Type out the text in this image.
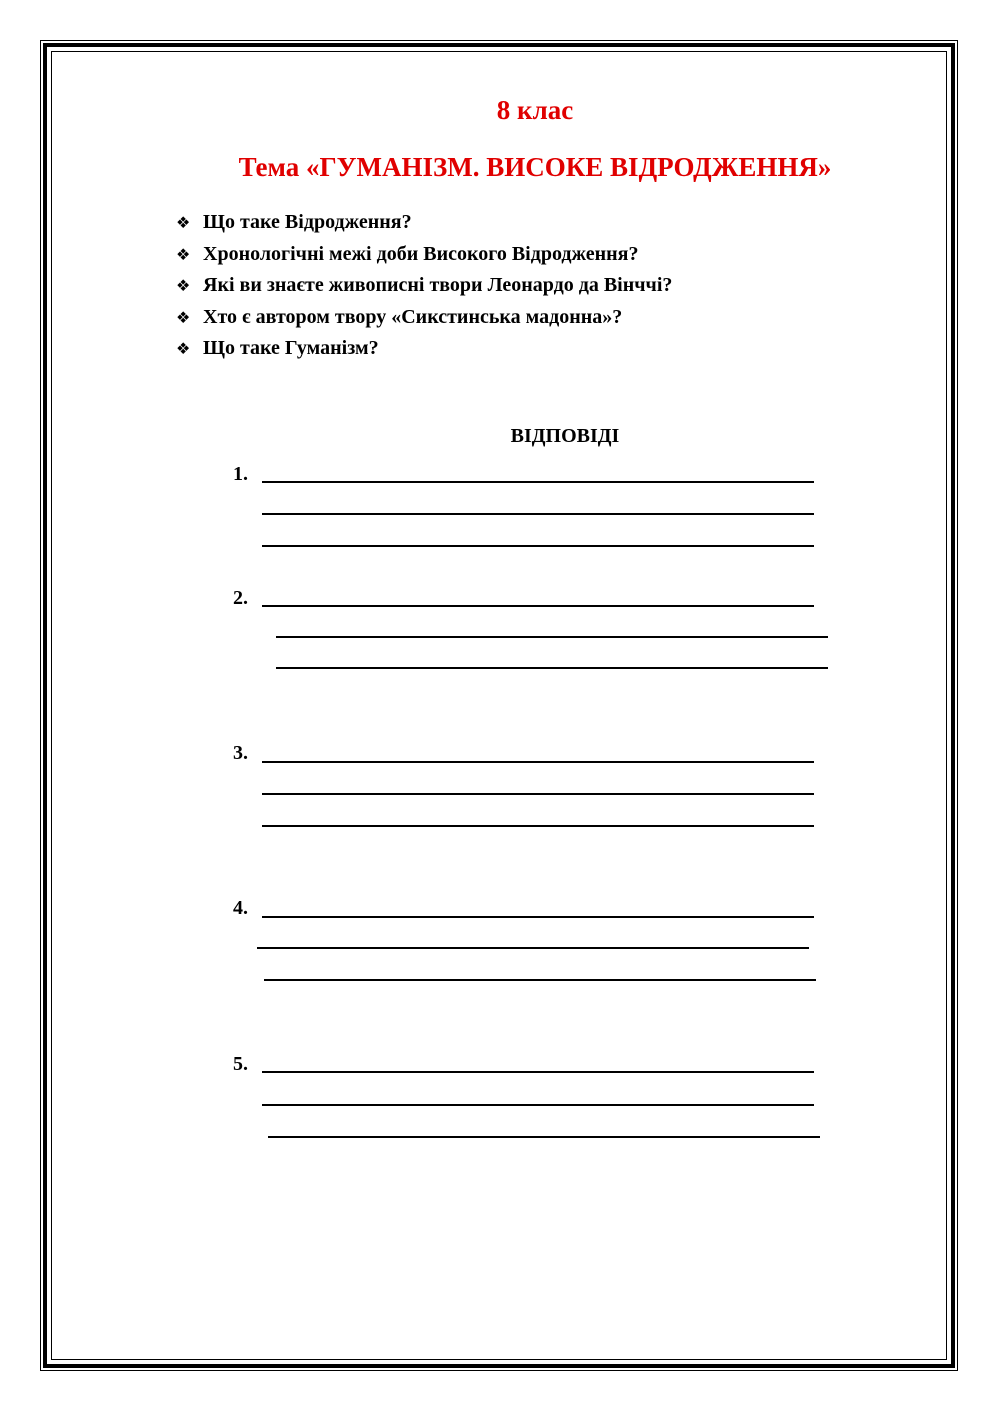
8 клас
Тема «ГУМАНІЗМ. ВИСОКЕ ВІДРОДЖЕННЯ»
❖ Що таке Відродження?
❖ Хронологічні межі доби Високого Відродження?
❖ Які ви знаєте живописні твори Леонардо да Вінччі?
❖ Хто є автором твору «Сикстинська мадонна»?
❖ Що таке Гуманізм?
ВІДПОВІДІ
1.
2.
3.
4.
5.
